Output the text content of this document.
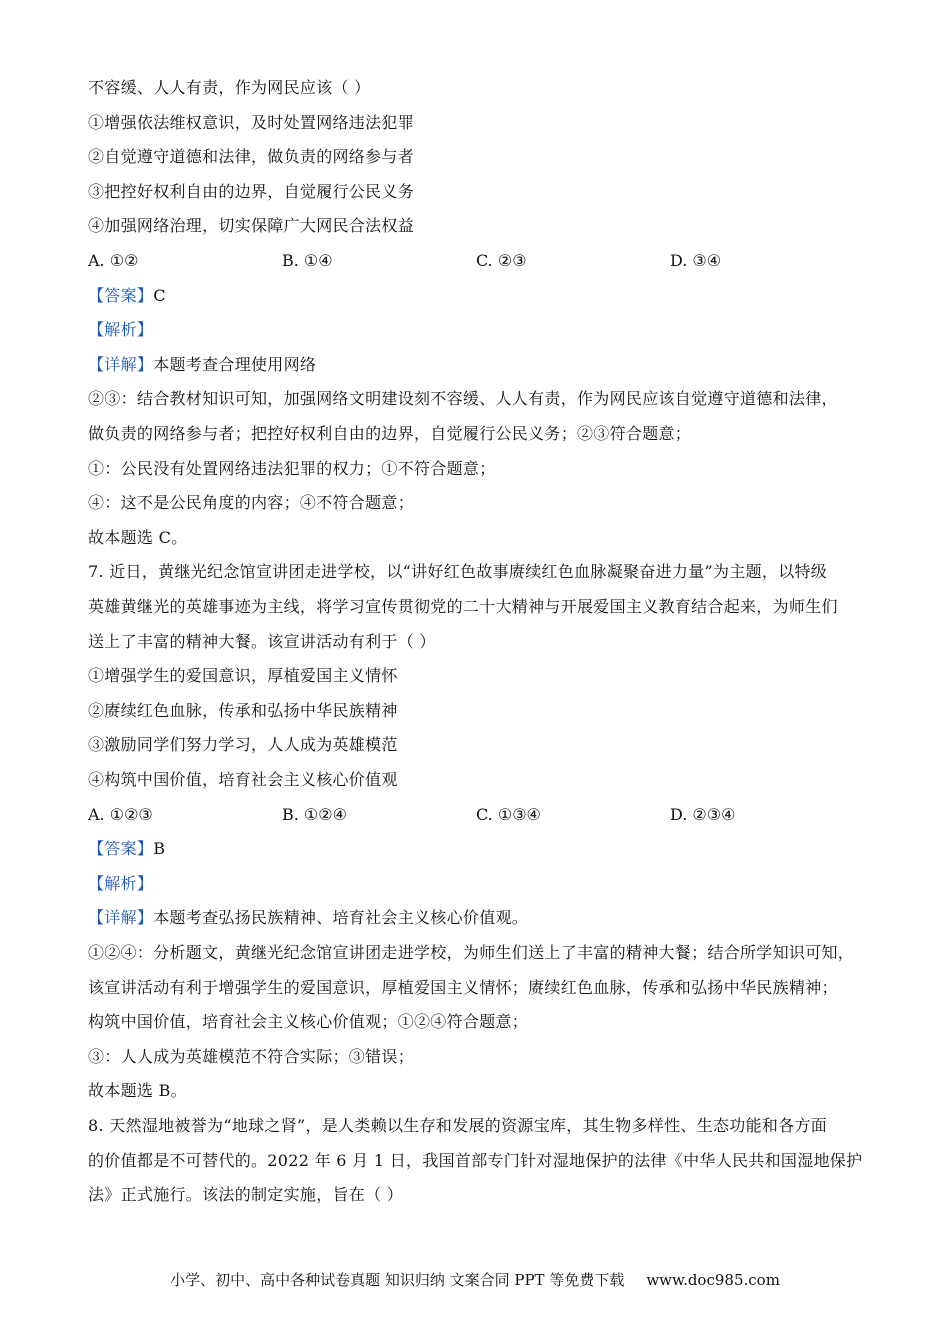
不容缓、人人有责，作为网民应该（ ）
①增强依法维权意识，及时处置网络违法犯罪
②自觉遵守道德和法律，做负责的网络参与者
③把控好权利自由的边界，自觉履行公民义务
④加强网络治理，切实保障广大网民合法权益
A. ①②	B. ①④	C. ②③	D. ③④
【答案】C
【解析】
【详解】本题考查合理使用网络
②③：结合教材知识可知，加强网络文明建设刻不容缓、人人有责，作为网民应该自觉遵守道德和法律，
做负责的网络参与者；把控好权利自由的边界，自觉履行公民义务；②③符合题意；
①：公民没有处置网络违法犯罪的权力；①不符合题意；
④：这不是公民角度的内容；④不符合题意；
故本题选 C。
7. 近日，黄继光纪念馆宣讲团走进学校，以“讲好红色故事赓续红色血脉凝聚奋进力量”为主题，以特级
英雄黄继光的英雄事迹为主线，将学习宣传贯彻党的二十大精神与开展爱国主义教育结合起来，为师生们
送上了丰富的精神大餐。该宣讲活动有利于（ ）
①增强学生的爱国意识，厚植爱国主义情怀
②赓续红色血脉，传承和弘扬中华民族精神
③激励同学们努力学习，人人成为英雄模范
④构筑中国价值，培育社会主义核心价值观
A. ①②③	B. ①②④	C. ①③④	D. ②③④
【答案】B
【解析】
【详解】本题考查弘扬民族精神、培育社会主义核心价值观。
①②④：分析题文，黄继光纪念馆宣讲团走进学校，为师生们送上了丰富的精神大餐；结合所学知识可知，
该宣讲活动有利于增强学生的爱国意识，厚植爱国主义情怀；赓续红色血脉，传承和弘扬中华民族精神；
构筑中国价值，培育社会主义核心价值观；①②④符合题意；
③：人人成为英雄模范不符合实际；③错误；
故本题选 B。
8. 天然湿地被誉为“地球之肾”，是人类赖以生存和发展的资源宝库，其生物多样性、生态功能和各方面
的价值都是不可替代的。2022 年 6 月 1 日，我国首部专门针对湿地保护的法律《中华人民共和国湿地保护
法》正式施行。该法的制定实施，旨在（ ）
小学、初中、高中各种试卷真题 知识归纳 文案合同 PPT 等免费下载 www.doc985.com
